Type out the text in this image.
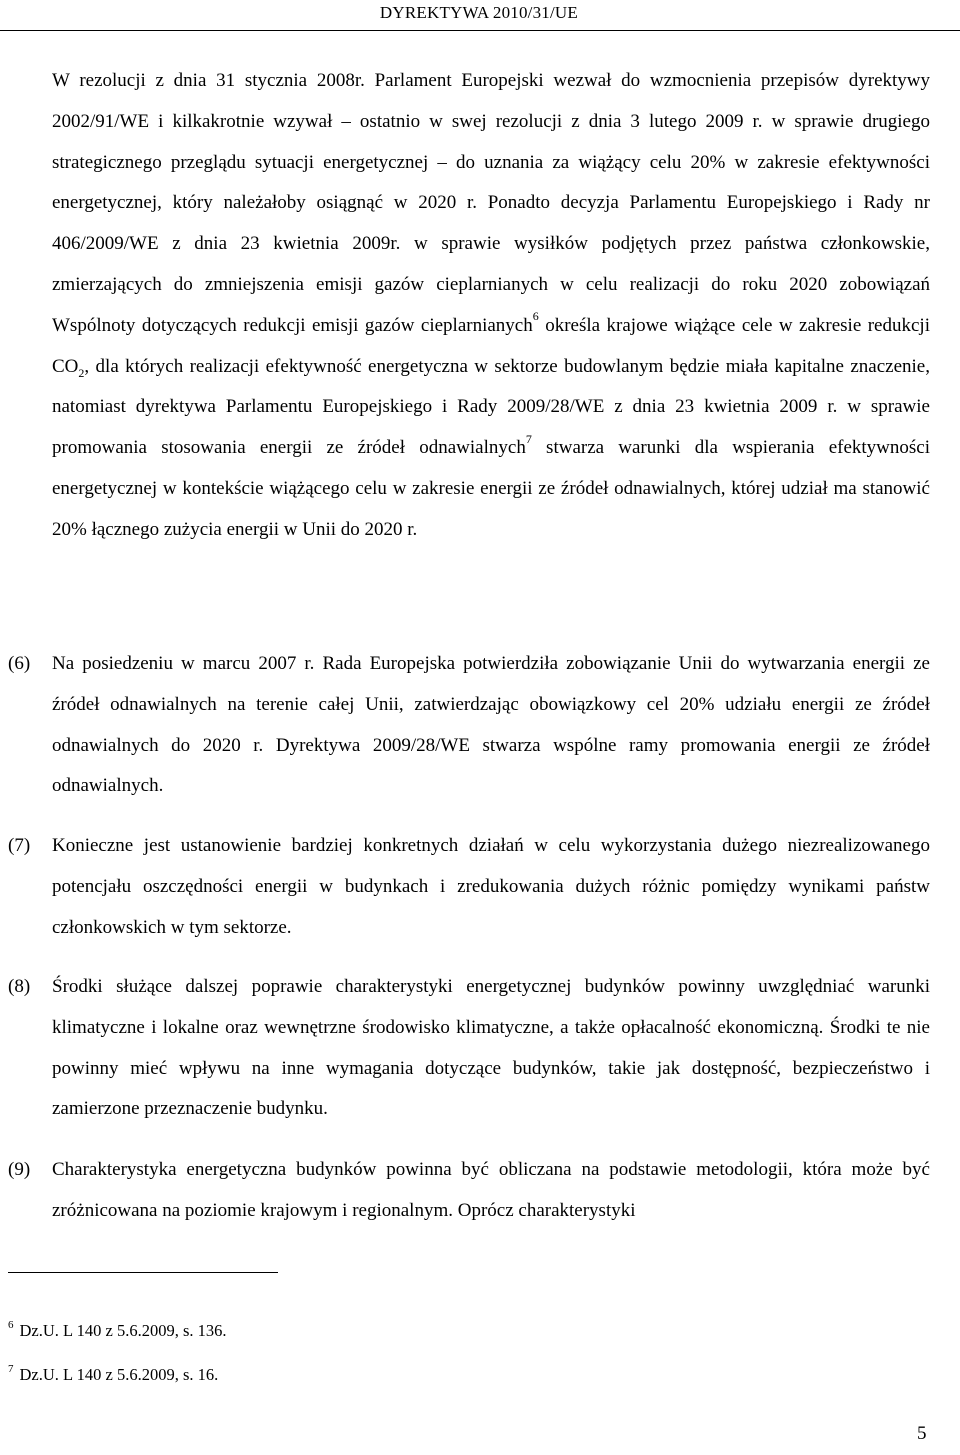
DYREKTYWA 2010/31/UE
W rezolucji z dnia 31 stycznia 2008r. Parlament Europejski wezwał do wzmocnienia przepisów dyrektywy 2002/91/WE i kilkakrotnie wzywał – ostatnio w swej rezolucji z dnia 3 lutego 2009 r. w sprawie drugiego strategicznego przeglądu sytuacji energetycznej – do uznania za wiążący celu 20% w zakresie efektywności energetycznej, który należałoby osiągnąć w 2020 r. Ponadto decyzja Parlamentu Europejskiego i Rady nr 406/2009/WE z dnia 23 kwietnia 2009r. w sprawie wysiłków podjętych przez państwa członkowskie, zmierzających do zmniejszenia emisji gazów cieplarnianych w celu realizacji do roku 2020 zobowiązań Wspólnoty dotyczących redukcji emisji gazów cieplarnianych$^6$ określa krajowe wiążące cele w zakresie redukcji $CO_2$, dla których realizacji efektywność energetyczna w sektorze budowlanym będzie miała kapitalne znaczenie, natomiast dyrektywa Parlamentu Europejskiego i Rady 2009/28/WE z dnia 23 kwietnia 2009 r. w sprawie promowania stosowania energii ze źródeł odnawialnych$^7$ stwarza warunki dla wspierania efektywności energetycznej w kontekście wiążącego celu w zakresie energii ze źródeł odnawialnych, której udział ma stanowić 20% łącznego zużycia energii w Unii do 2020 r.
(6) Na posiedzeniu w marcu 2007 r. Rada Europejska potwierdziła zobowiązanie Unii do wytwarzania energii ze źródeł odnawialnych na terenie całej Unii, zatwierdzając obowiązkowy cel 20% udziału energii ze źródeł odnawialnych do 2020 r. Dyrektywa 2009/28/WE stwarza wspólne ramy promowania energii ze źródeł odnawialnych.
(7) Konieczne jest ustanowienie bardziej konkretnych działań w celu wykorzystania dużego niezrealizowanego potencjału oszczędności energii w budynkach i zredukowania dużych różnic pomiędzy wynikami państw członkowskich w tym sektorze.
(8) Środki służące dalszej poprawie charakterystyki energetycznej budynków powinny uwzględniać warunki klimatyczne i lokalne oraz wewnętrzne środowisko klimatyczne, a także opłacalność ekonomiczną. Środki te nie powinny mieć wpływu na inne wymagania dotyczące budynków, takie jak dostępność, bezpieczeństwo i zamierzone przeznaczenie budynku.
(9) Charakterystyka energetyczna budynków powinna być obliczana na podstawie metodologii, która może być zróżnicowana na poziomie krajowym i regionalnym. Oprócz charakterystyki
$^6$ Dz.U. L 140 z 5.6.2009, s. 136.
$^7$ Dz.U. L 140 z 5.6.2009, s. 16.
5
